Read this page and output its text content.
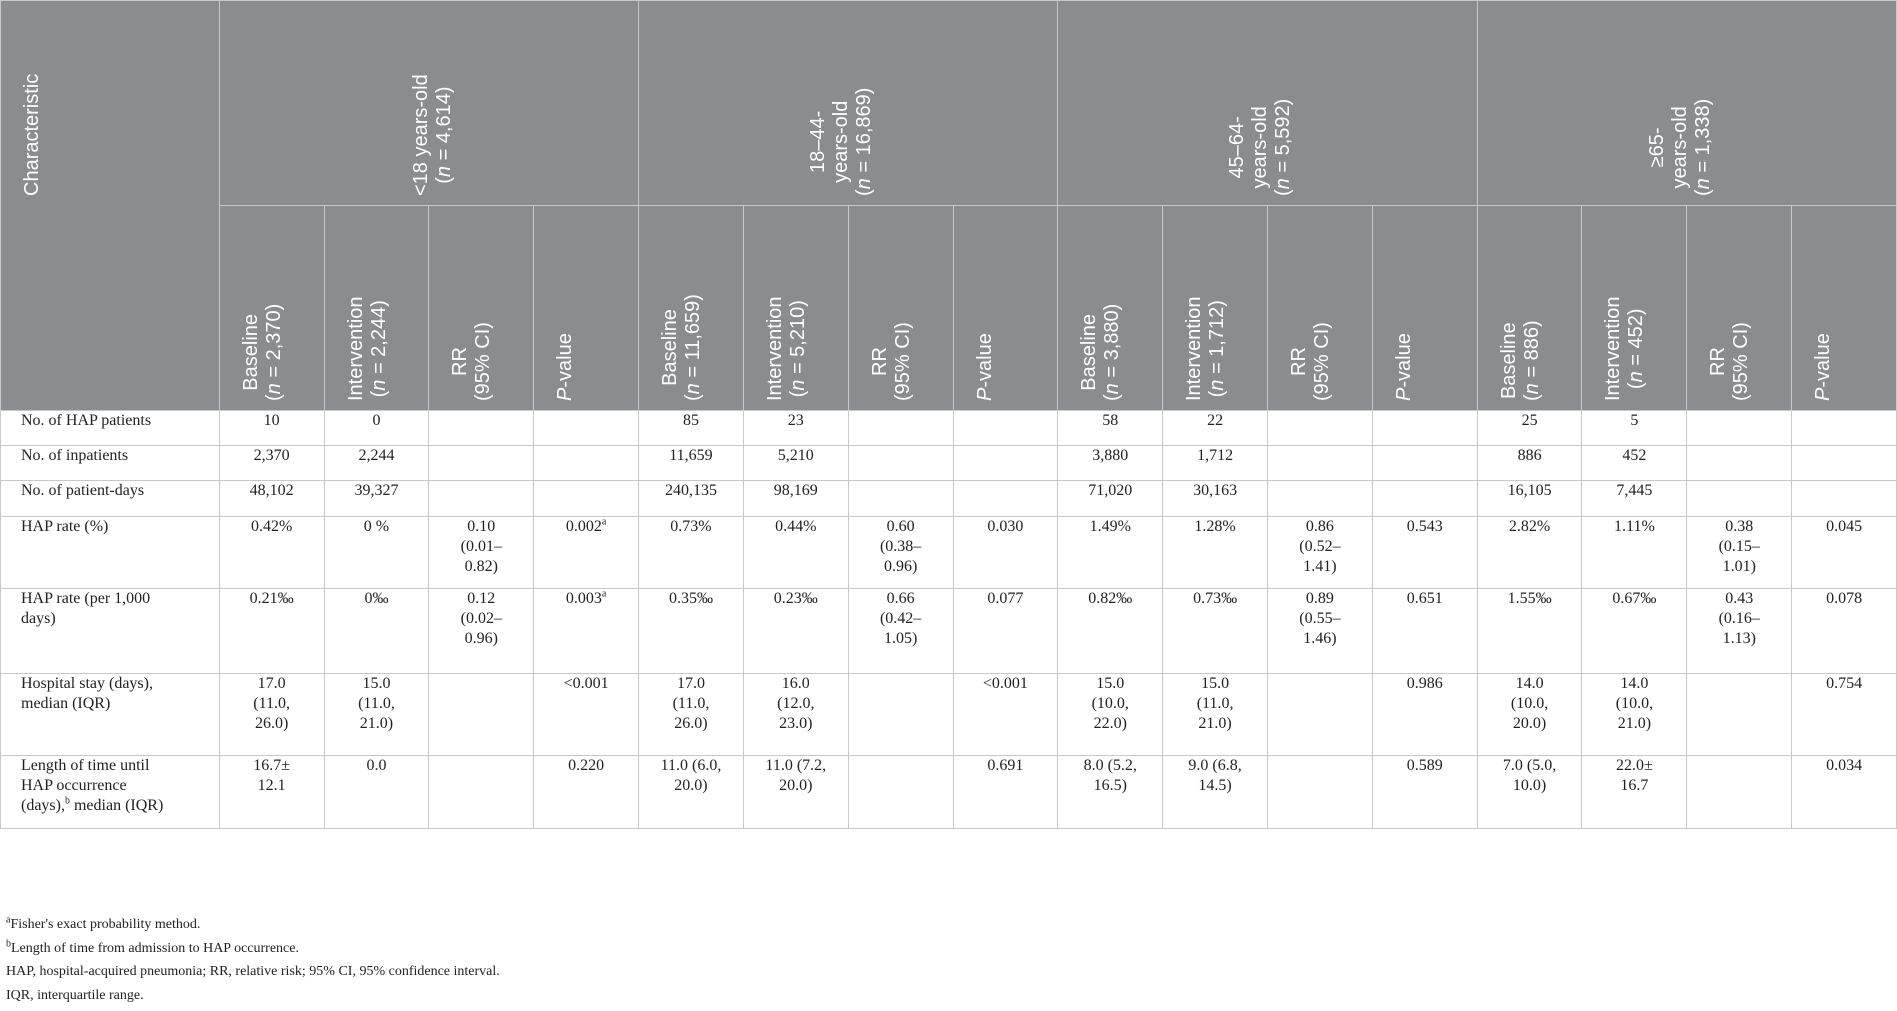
Characteristic	<18 years-old
(n = 4,614)				18–44-
years-old
(n = 16,869)				45–64-
years-old
(n = 5,592)				≥65-
years-old
(n = 1,338)			

	Baseline
(n = 2,370)	Intervention
(n = 2,244)	RR
(95% CI)	P-value	Baseline
(n = 11,659)	Intervention
(n = 5,210)	RR
(95% CI)	P-value	Baseline
(n = 3,880)	Intervention
(n = 1,712)	RR
(95% CI)	P-value	Baseline
(n = 886)	Intervention
(n = 452)	RR
(95% CI)	P-value

No. of HAP patients	10	0			85	23			58	22			25	5		
No. of inpatients	2,370	2,244			11,659	5,210			3,880	1,712			886	452		
No. of patient-days	48,102	39,327			240,135	98,169			71,020	30,163			16,105	7,445		
HAP rate (%)	0.42%	0 %	0.10
(0.01–
0.82)	0.002$^a$	0.73%	0.44%	0.60
(0.38–
0.96)	0.030	1.49%	1.28%	0.86
(0.52–
1.41)	0.543	2.82%	1.11%	0.38
(0.15–
1.01)	0.045
HAP rate (per 1,000
days)	0.21‰	0‰	0.12
(0.02–
0.96)	0.003$^a$	0.35‰	0.23‰	0.66
(0.42–
1.05)	0.077	0.82‰	0.73‰	0.89
(0.55–
1.46)	0.651	1.55‰	0.67‰	0.43
(0.16–
1.13)	0.078
Hospital stay (days),
median (IQR)	17.0
(11.0,
26.0)	15.0
(11.0,
21.0)		<0.001	17.0
(11.0,
26.0)	16.0
(12.0,
23.0)		<0.001	15.0
(10.0,
22.0)	15.0
(11.0,
21.0)		0.986	14.0
(10.0,
20.0)	14.0
(10.0,
21.0)		0.754
Length of time until
HAP occurrence
(days),$^b$ median (IQR)	16.7±
12.1	0.0		0.220	11.0 (6.0,
20.0)	11.0 (7.2,
20.0)		0.691	8.0 (5.2,
16.5)	9.0 (6.8,
14.5)		0.589	7.0 (5.0,
10.0)	22.0±
16.7		0.034
$^a$Fisher's exact probability method.
$^b$Length of time from admission to HAP occurrence.
HAP, hospital-acquired pneumonia; RR, relative risk; 95% CI, 95% confidence interval.
IQR, interquartile range.
